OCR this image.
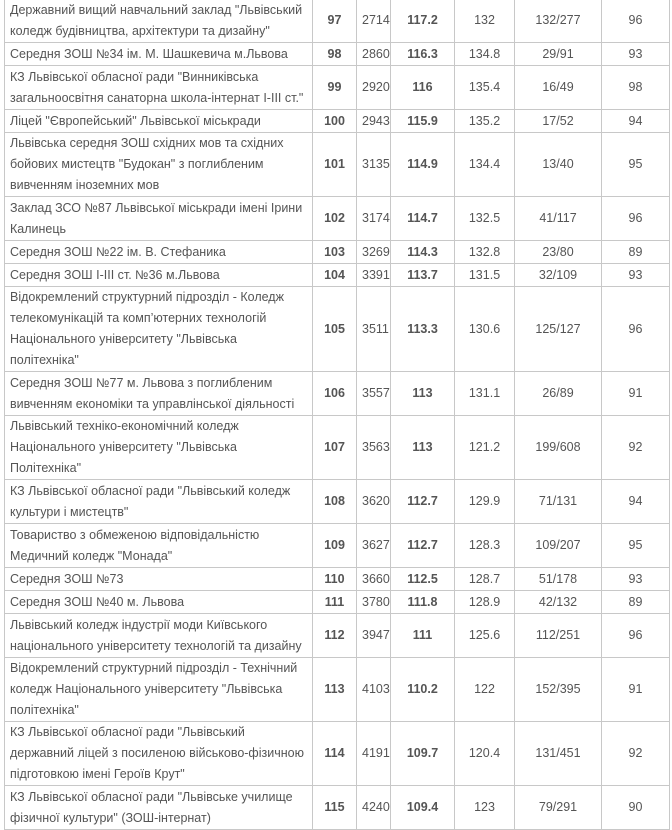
Державний вищий навчальний заклад "Львівський коледж будівництва, архітектури та дизайну"	97	2714	117.2	132	132/277	96
Середня ЗОШ №34 ім. М. Шашкевича м.Львова	98	2860	116.3	134.8	29/91	93
КЗ Львівської обласної ради "Винниківська загальноосвітня санаторна школа-інтернат І-ІІІ ст."	99	2920	116	135.4	16/49	98
Ліцей "Європейський" Львівської міськради	100	2943	115.9	135.2	17/52	94
Львівська середня ЗОШ східних мов та східних бойових мистецтв "Будокан" з поглибленим вивченням іноземних мов	101	3135	114.9	134.4	13/40	95
Заклад ЗСО №87 Львівської міськради імені Ірини Калинець	102	3174	114.7	132.5	41/117	96
Середня ЗОШ №22 ім. В. Стефаника	103	3269	114.3	132.8	23/80	89
Середня ЗОШ І-ІІІ ст. №36 м.Львова	104	3391	113.7	131.5	32/109	93
Відокремлений структурний підрозділ - Коледж телекомунікацій та комп’ютерних технологій Національного університету "Львівська політехніка"	105	3511	113.3	130.6	125/127	96
Середня ЗОШ №77 м. Львова з поглибленим вивченням економіки та управлінської діяльності	106	3557	113	131.1	26/89	91
Львівський техніко-економічний коледж Національного університету "Львівська Політехніка"	107	3563	113	121.2	199/608	92
КЗ Львівської обласної ради "Львівський коледж культури і мистецтв"	108	3620	112.7	129.9	71/131	94
Товариство з обмеженою відповідальністю Медичний коледж "Монада"	109	3627	112.7	128.3	109/207	95
Середня ЗОШ №73	110	3660	112.5	128.7	51/178	93
Середня ЗОШ №40 м. Львова	111	3780	111.8	128.9	42/132	89
Львівський коледж індустрії моди Київського національного університету технологій та дизайну	112	3947	111	125.6	112/251	96
Відокремлений структурний підрозділ - Технічний коледж Національного університету "Львівська політехніка"	113	4103	110.2	122	152/395	91
КЗ Львівської обласної ради "Львівський державний ліцей з посиленою військово-фізичною підготовкою імені Героїв Крут"	114	4191	109.7	120.4	131/451	92
КЗ Львівської обласної ради "Львівське училище фізичної культури" (ЗОШ-інтернат)	115	4240	109.4	123	79/291	90
